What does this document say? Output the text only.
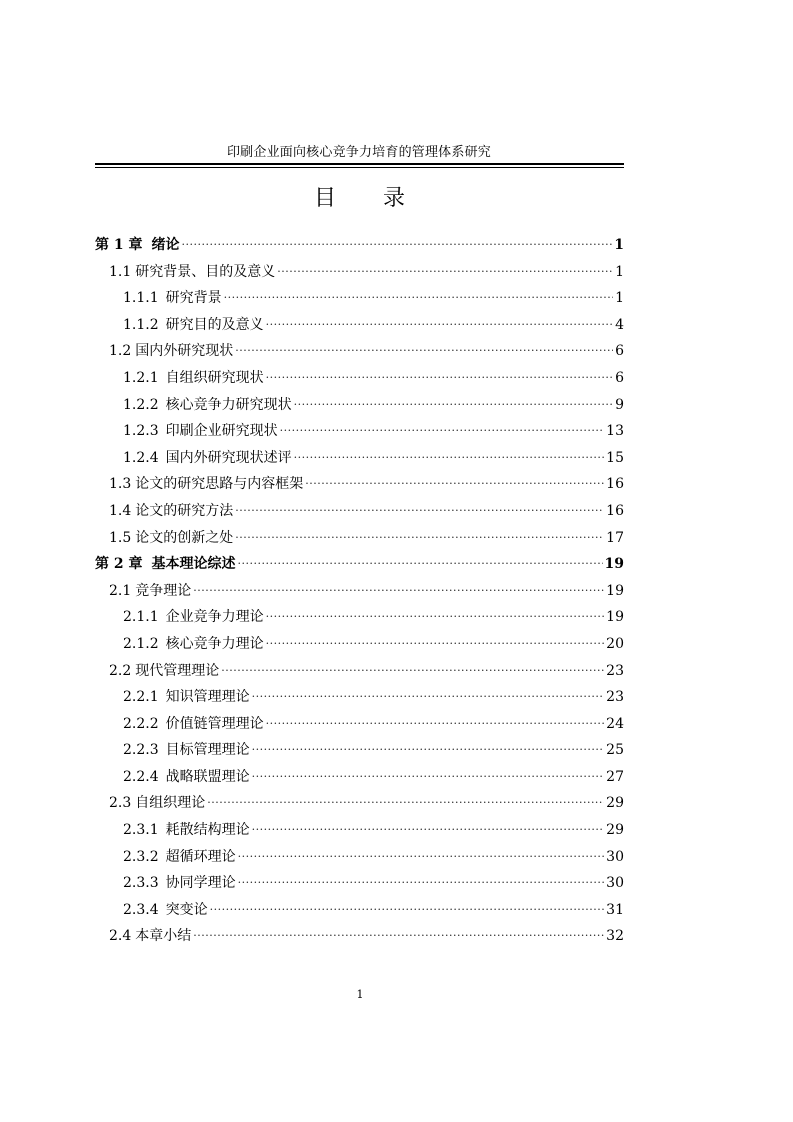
印刷企业面向核心竞争力培育的管理体系研究
目 录
第 1 章 绪论 ·····	1
1.1 研究背景、目的及意义 ·····	1
1.1.1 研究背景 ·····	1
1.1.2 研究目的及意义 ·····	4
1.2 国内外研究现状 ·····	6
1.2.1 自组织研究现状 ·····	6
1.2.2 核心竞争力研究现状 ·····	9
1.2.3 印刷企业研究现状 ·····	13
1.2.4 国内外研究现状述评 ·····	15
1.3 论文的研究思路与内容框架 ·····	16
1.4 论文的研究方法 ·····	16
1.5 论文的创新之处 ·····	17
第 2 章 基本理论综述 ·····	19
2.1 竞争理论 ·····	19
2.1.1 企业竞争力理论 ·····	19
2.1.2 核心竞争力理论 ·····	20
2.2 现代管理理论 ·····	23
2.2.1 知识管理理论 ·····	23
2.2.2 价值链管理理论 ·····	24
2.2.3 目标管理理论 ·····	25
2.2.4 战略联盟理论 ·····	27
2.3 自组织理论 ·····	29
2.3.1 耗散结构理论 ·····	29
2.3.2 超循环理论 ·····	30
2.3.3 协同学理论 ·····	30
2.3.4 突变论 ·····	31
2.4 本章小结 ·····	32
1
